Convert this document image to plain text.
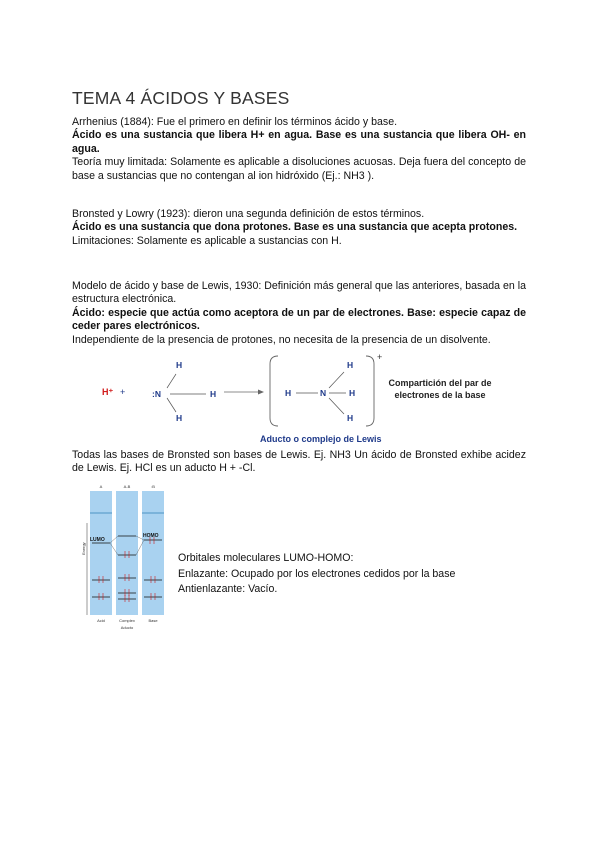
TEMA 4 ÁCIDOS Y BASES

Arrhenius (1884): Fue el primero en definir los términos ácido y base.
Ácido es una sustancia que libera H+ en agua. Base es una sustancia que libera OH- en agua.
Teoría muy limitada: Solamente es aplicable a disoluciones acuosas. Deja fuera del concepto de base a sustancias que no contengan al ion hidróxido (Ej.: NH3 ).

Bronsted y Lowry (1923): dieron una segunda definición de estos términos.
Ácido es una sustancia que dona protones. Base es una sustancia que acepta protones.
Limitaciones: Solamente es aplicable a sustancias con H.

Modelo de ácido y base de Lewis, 1930: Definición más general que las anteriores, basada en la estructura electrónica.
Ácido: especie que actúa como aceptora de un par de electrones. Base: especie capaz de ceder pares electrónicos.
Independiente de la presencia de protones, no necesita de la presencia de un disolvente.

H⁺ +
H
:N	H
H
+
H
H
N	H
H
Compartición del par de
electrones de la base
Aducto o complejo de Lewis

Todas las bases de Bronsted son bases de Lewis. Ej. NH3 Un ácido de Bronsted exhibe acidez de Lewis. Ej. HCl es un aducto H + -Cl.

A	A-B	:B
LUMO
HOMO
Energy
Acid	Complex	Base
Aducto
Orbitales moleculares LUMO-HOMO:
Enlazante: Ocupado por los electrones cedidos por la base
Antienlazante: Vacío.
